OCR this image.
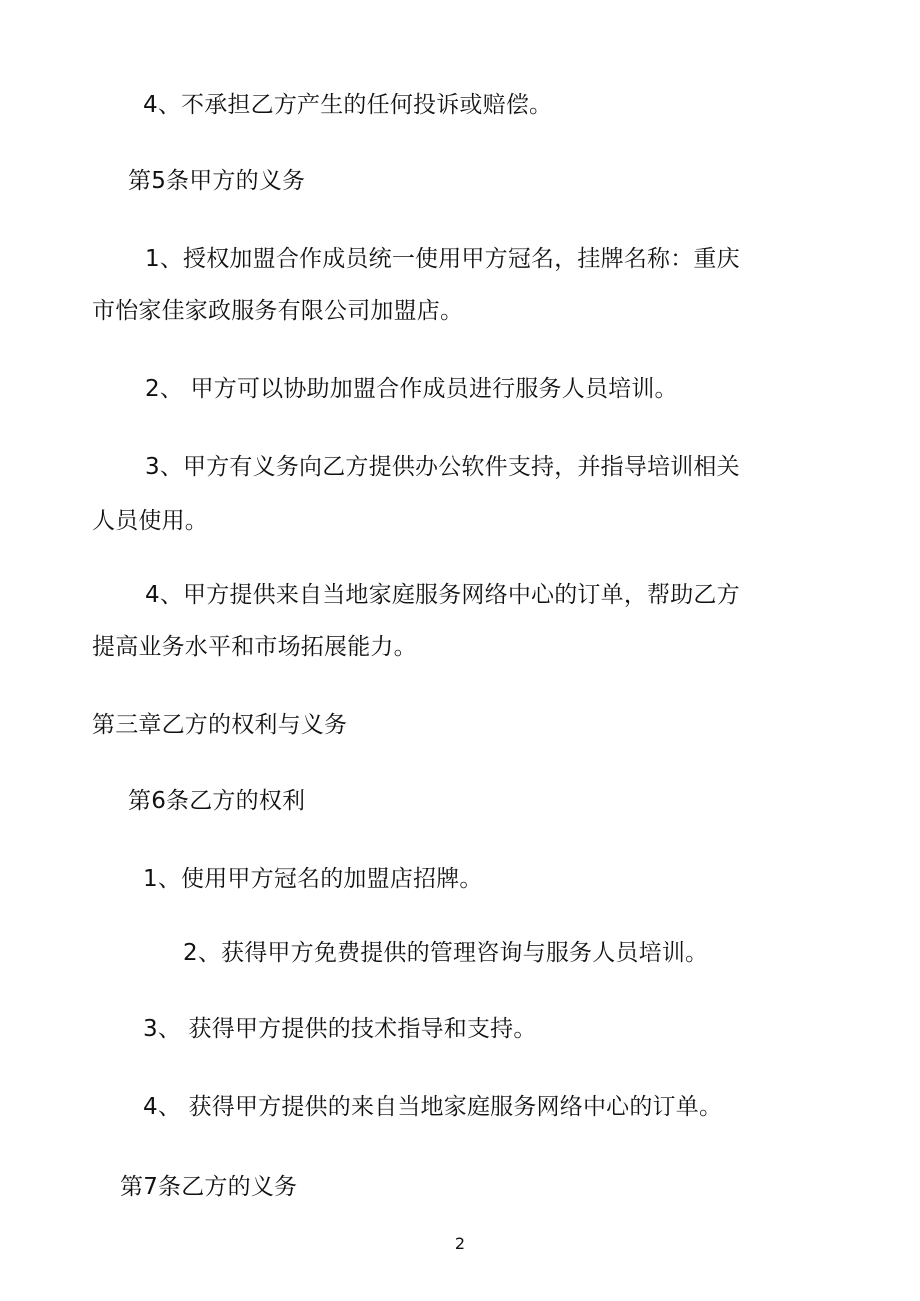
4、不承担乙方产生的任何投诉或赔偿。
第5条甲方的义务
1、授权加盟合作成员统一使用甲方冠名，挂牌名称：重庆
市怡家佳家政服务有限公司加盟店。
2、 甲方可以协助加盟合作成员进行服务人员培训。
3、甲方有义务向乙方提供办公软件支持，并指导培训相关
人员使用。
4、甲方提供来自当地家庭服务网络中心的订单，帮助乙方
提高业务水平和市场拓展能力。
第三章乙方的权利与义务
第6条乙方的权利
1、使用甲方冠名的加盟店招牌。
2、获得甲方免费提供的管理咨询与服务人员培训。
3、 获得甲方提供的技术指导和支持。
4、 获得甲方提供的来自当地家庭服务网络中心的订单。
第7条乙方的义务
2
